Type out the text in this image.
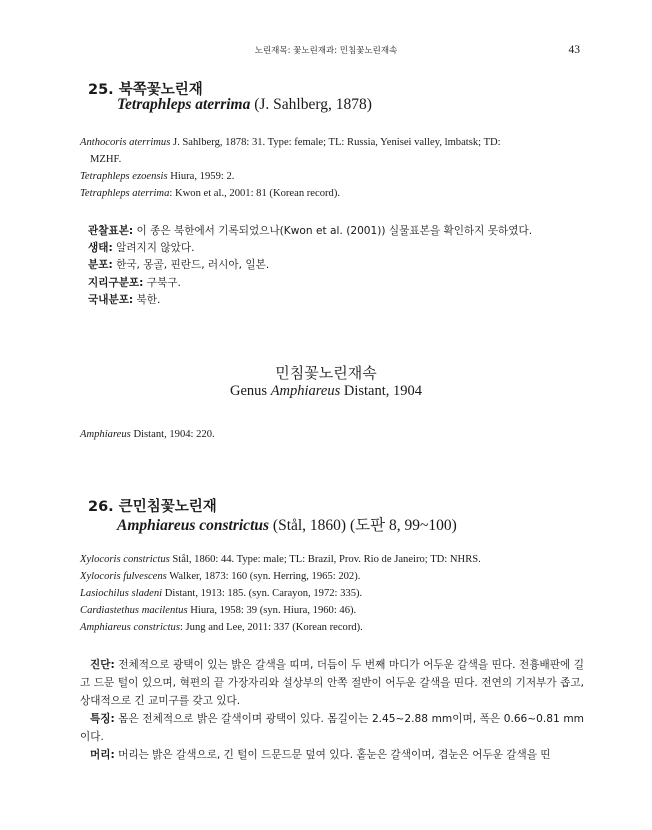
노린재목: 꽃노린재과: 민침꽃노린재속	43
25. 북쪽꽃노린재
Tetraphleps aterrima (J. Sahlberg, 1878)
Anthocoris aterrimus J. Sahlberg, 1878: 31. Type: female; TL: Russia, Yenisei valley, lmbatsk; TD:
MZHF.
Tetraphleps ezoensis Hiura, 1959: 2.
Tetraphleps aterrima: Kwon et al., 2001: 81 (Korean record).
관찰표본: 이 종은 북한에서 기록되었으나(Kwon et al. (2001)) 실물표본을 확인하지 못하였다.
생태: 알려지지 않았다.
분포: 한국, 몽골, 핀란드, 러시아, 일본.
지리구분포: 구북구.
국내분포: 북한.
민침꽃노린재속
Genus Amphiareus Distant, 1904
Amphiareus Distant, 1904: 220.
26. 큰민침꽃노린재
Amphiareus constrictus (Stål, 1860) (도판 8, 99~100)
Xylocoris constrictus Stål, 1860: 44. Type: male; TL: Brazil, Prov. Rio de Janeiro; TD: NHRS.
Xylocoris fulvescens Walker, 1873: 160 (syn. Herring, 1965: 202).
Lasiochilus sladeni Distant, 1913: 185. (syn. Carayon, 1972: 335).
Cardiastethus macilentus Hiura, 1958: 39 (syn. Hiura, 1960: 46).
Amphiareus constrictus: Jung and Lee, 2011: 337 (Korean record).

진단: 전체적으로 광택이 있는 밝은 갈색을 띠며, 더듬이 두 번째 마디가 어두운 갈색을 띤다. 전흉배판에 길고 드문 털이 있으며, 혁편의 끝 가장자리와 설상부의 안쪽 절반이 어두운 갈색을 띤다. 전연의 기저부가 좁고, 상대적으로 긴 교미구를 갖고 있다.

특징: 몸은 전체적으로 밝은 갈색이며 광택이 있다. 몸길이는 2.45~2.88 mm이며, 폭은 0.66~0.81 mm이다.

머리: 머리는 밝은 갈색으로, 긴 털이 드문드문 덮여 있다. 홑눈은 갈색이며, 겹눈은 어두운 갈색을 띤
